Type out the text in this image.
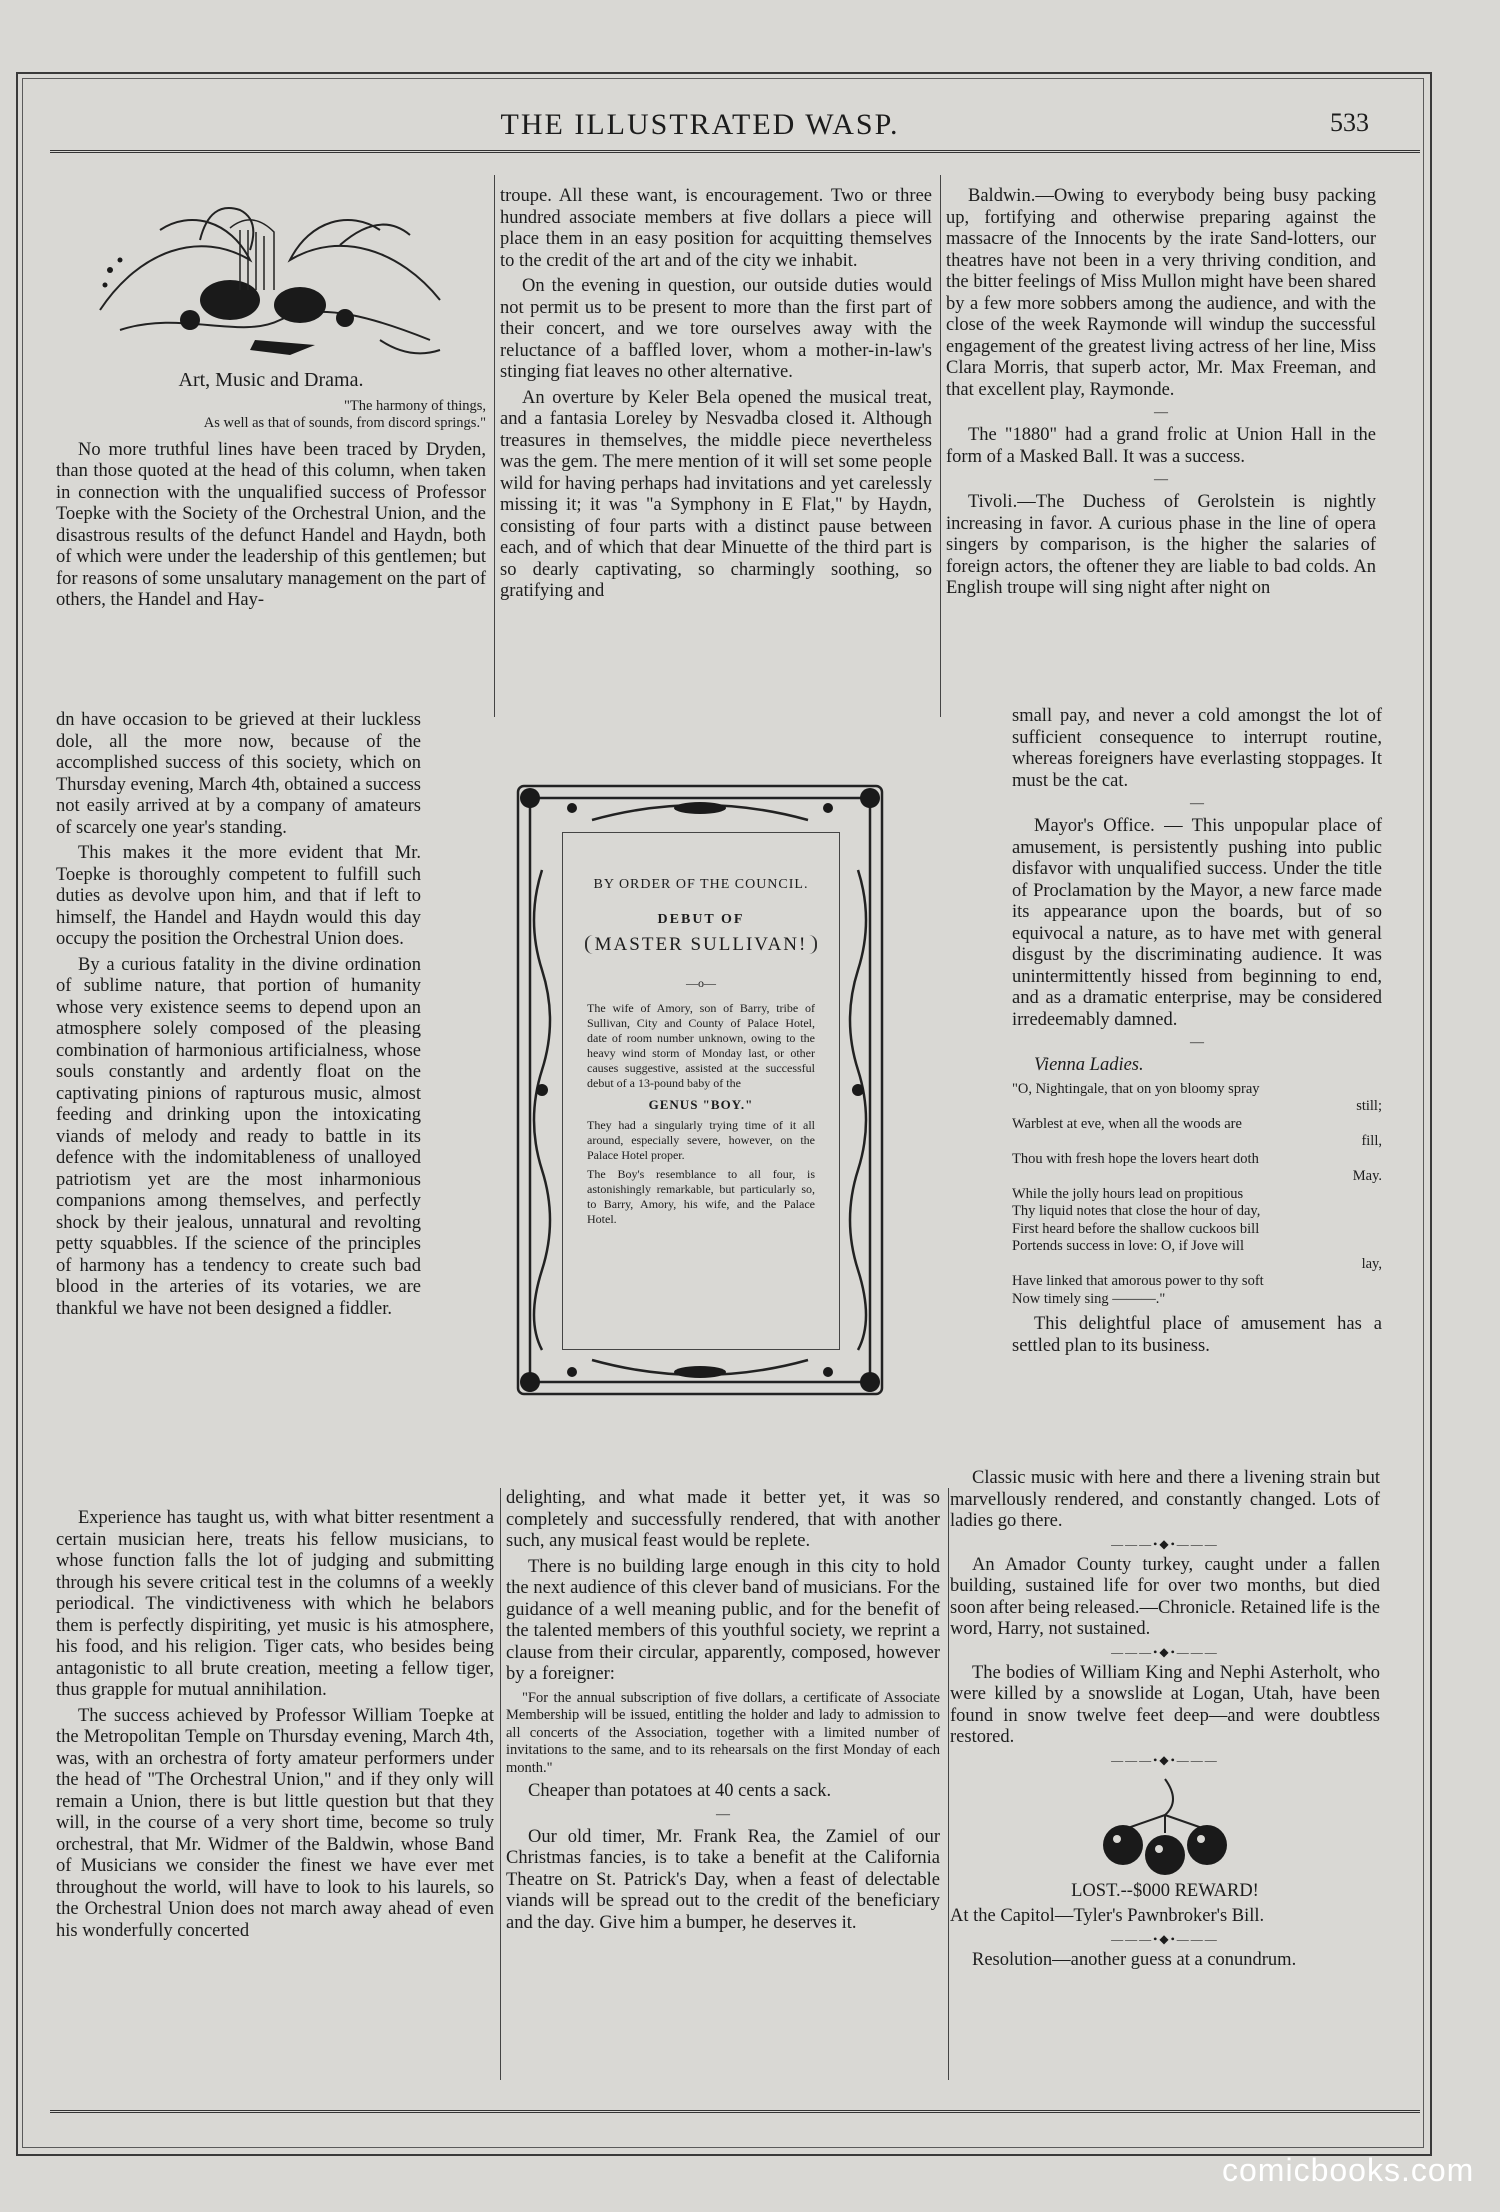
THE ILLUSTRATED WASP.	533
Art, Music and Drama.
"The harmony of things,
As well as that of sounds, from discord springs."

No more truthful lines have been traced by Dryden, than those quoted at the head of this column, when taken in connection with the unqualified success of Professor Toepke with the Society of the Orchestral Union, and the disastrous results of the defunct Handel and Haydn, both of which were under the leadership of this gentlemen; but for reasons of some unsalutary management on the part of others, the Handel and Hay-

dn have occasion to be grieved at their luckless dole, all the more now, because of the accomplished success of this society, which on Thursday evening, March 4th, obtained a success not easily arrived at by a company of amateurs of scarcely one year's standing.

This makes it the more evident that Mr. Toepke is thoroughly competent to fulfill such duties as devolve upon him, and that if left to himself, the Handel and Haydn would this day occupy the position the Orchestral Union does.

By a curious fatality in the divine ordination of sublime nature, that portion of humanity whose very existence seems to depend upon an atmosphere solely composed of the pleasing combination of harmonious artificialness, whose souls constantly and ardently float on the captivating pinions of rapturous music, almost feeding and drinking upon the intoxicating viands of melody and ready to battle in its defence with the indomitableness of unalloyed patriotism yet are the most inharmonious companions among themselves, and perfectly shock by their jealous, unnatural and revolting petty squabbles. If the science of the principles of harmony has a tendency to create such bad blood in the arteries of its votaries, we are thankful we have not been designed a fiddler.

Experience has taught us, with what bitter resentment a certain musician here, treats his fellow musicians, to whose function falls the lot of judging and submitting through his severe critical test in the columns of a weekly periodical. The vindictiveness with which he belabors them is perfectly dispiriting, yet music is his atmosphere, his food, and his religion. Tiger cats, who besides being antagonistic to all brute creation, meeting a fellow tiger, thus grapple for mutual annihilation.

The success achieved by Professor William Toepke at the Metropolitan Temple on Thursday evening, March 4th, was, with an orchestra of forty amateur performers under the head of "The Orchestral Union," and if they only will remain a Union, there is but little question but that they will, in the course of a very short time, become so truly orchestral, that Mr. Widmer of the Baldwin, whose Band of Musicians we consider the finest we have ever met throughout the world, will have to look to his laurels, so the Orchestral Union does not march away ahead of even his wonderfully concerted

troupe. All these want, is encouragement. Two or three hundred associate members at five dollars a piece will place them in an easy position for acquitting themselves to the credit of the art and of the city we inhabit.

On the evening in question, our outside duties would not permit us to be present to more than the first part of their concert, and we tore ourselves away with the reluctance of a baffled lover, whom a mother-in-law's stinging fiat leaves no other alternative.

An overture by Keler Bela opened the musical treat, and a fantasia Loreley by Nesvadba closed it. Although treasures in themselves, the middle piece nevertheless was the gem. The mere mention of it will set some people wild for having perhaps had invitations and yet carelessly missing it; it was "a Symphony in E Flat," by Haydn, consisting of four parts with a distinct pause between each, and of which that dear Minuette of the third part is so dearly captivating, so charmingly soothing, so gratifying and

BY ORDER OF THE COUNCIL.
DEBUT OF
MASTER SULLIVAN!
—o—
The wife of Amory, son of Barry, tribe of Sullivan, City and County of Palace Hotel, date of room number unknown, owing to the heavy wind storm of Monday last, or other causes suggestive, assisted at the successful debut of a 13-pound baby of the
GENUS "BOY."
They had a singularly trying time of it all around, especially severe, however, on the Palace Hotel proper.
The Boy's resemblance to all four, is astonishingly remarkable, but particularly so, to Barry, Amory, his wife, and the Palace Hotel.

delighting, and what made it better yet, it was so completely and successfully rendered, that with another such, any musical feast would be replete.

There is no building large enough in this city to hold the next audience of this clever band of musicians. For the guidance of a well meaning public, and for the benefit of the talented members of this youthful society, we reprint a clause from their circular, apparently, composed, however by a foreigner:

"For the annual subscription of five dollars, a certificate of Associate Membership will be issued, entitling the holder and lady to admission to all concerts of the Association, together with a limited number of invitations to the same, and to its rehearsals on the first Monday of each month."

Cheaper than potatoes at 40 cents a sack.

—

Our old timer, Mr. Frank Rea, the Zamiel of our Christmas fancies, is to take a benefit at the California Theatre on St. Patrick's Day, when a feast of delectable viands will be spread out to the credit of the beneficiary and the day. Give him a bumper, he deserves it.

Baldwin.—Owing to everybody being busy packing up, fortifying and otherwise preparing against the massacre of the Innocents by the irate Sand-lotters, our theatres have not been in a very thriving condition, and the bitter feelings of Miss Mullon might have been shared by a few more sobbers among the audience, and with the close of the week Raymonde will windup the successful engagement of the greatest living actress of her line, Miss Clara Morris, that superb actor, Mr. Max Freeman, and that excellent play, Raymonde.

—

The "1880" had a grand frolic at Union Hall in the form of a Masked Ball. It was a success.

—

Tivoli.—The Duchess of Gerolstein is nightly increasing in favor. A curious phase in the line of opera singers by comparison, is the higher the salaries of foreign actors, the oftener they are liable to bad colds. An English troupe will sing night after night on

small pay, and never a cold amongst the lot of sufficient consequence to interrupt routine, whereas foreigners have everlasting stoppages. It must be the cat.

—

Mayor's Office. — This unpopular place of amusement, is persistently pushing into public disfavor with unqualified success. Under the title of Proclamation by the Mayor, a new farce made its appearance upon the boards, but of so equivocal a nature, as to have met with general disgust by the discriminating audience. It was unintermittently hissed from beginning to end, and as a dramatic enterprise, may be considered irredeemably damned.

—

Vienna Ladies.

"O, Nightingale, that on yon bloomy spray
still;
Warblest at eve, when all the woods are
fill,
Thou with fresh hope the lovers heart doth
May.
While the jolly hours lead on propitious
Thy liquid notes that close the hour of day,
First heard before the shallow cuckoos bill
Portends success in love: O, if Jove will
lay,
Have linked that amorous power to thy soft
Now timely sing ———."

This delightful place of amusement has a settled plan to its business.

Classic music with here and there a livening strain but marvellously rendered, and constantly changed. Lots of ladies go there.

———•◆•———

An Amador County turkey, caught under a fallen building, sustained life for over two months, but died soon after being released.—Chronicle. Retained life is the word, Harry, not sustained.

———•◆•———

The bodies of William King and Nephi Asterholt, who were killed by a snowslide at Logan, Utah, have been found in snow twelve feet deep—and were doubtless restored.

———•◆•———

LOST.--$000 REWARD!

At the Capitol—Tyler's Pawnbroker's Bill.

———•◆•———

Resolution—another guess at a conundrum.

comicbooks.com
